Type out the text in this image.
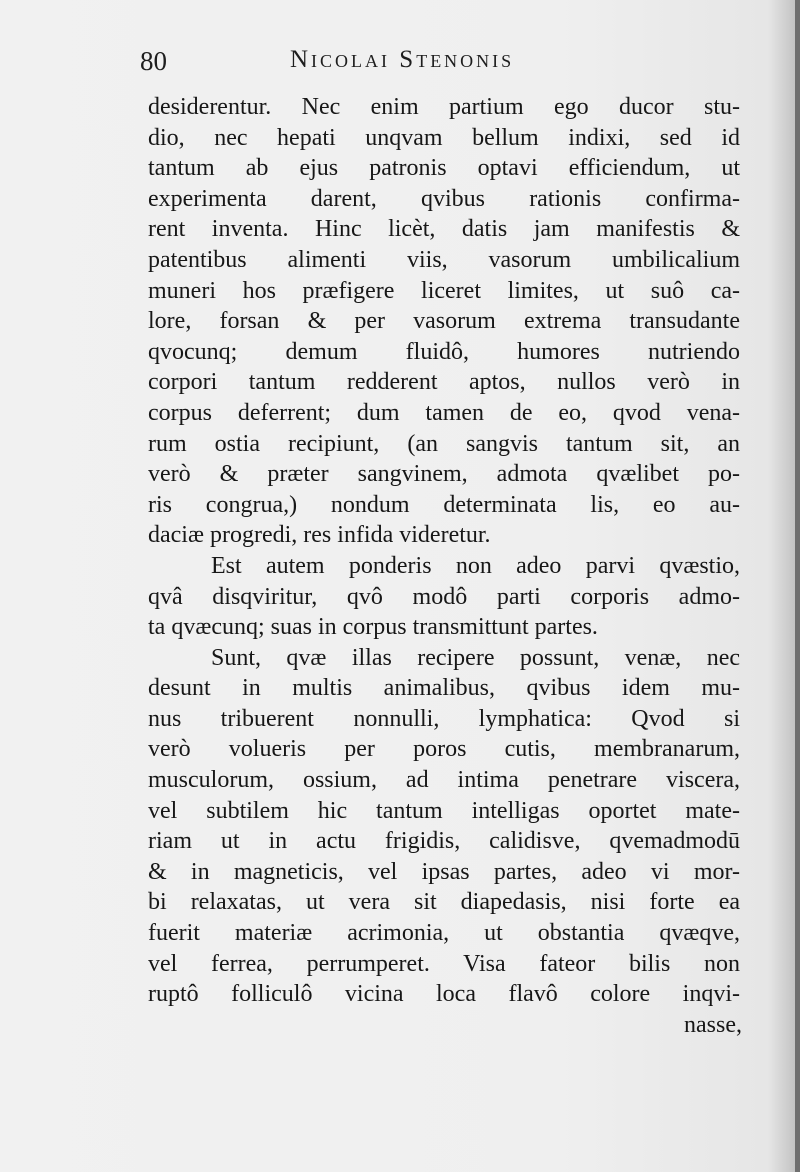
80	Nicolai Stenonis
desiderentur. Nec enim partium ego ducor stu-
dio, nec hepati unqvam bellum indixi, sed id
tantum ab ejus patronis optavi efficiendum, ut
experimenta darent, qvibus rationis confirma-
rent inventa. Hinc licèt, datis jam manifestis &
patentibus alimenti viis, vasorum umbilicalium
muneri hos præfigere liceret limites, ut suô ca-
lore, forsan & per vasorum extrema transudante
qvocunq; demum fluidô, humores nutriendo
corpori tantum redderent aptos, nullos verò in
corpus deferrent; dum tamen de eo, qvod vena-
rum ostia recipiunt, (an sangvis tantum sit, an
verò & præter sangvinem, admota qvælibet po-
ris congrua,) nondum determinata lis, eo au-
daciæ progredi, res infida videretur.
Est autem ponderis non adeo parvi qvæstio,
qvâ disqviritur, qvô modô parti corporis admo-
ta qvæcunq; suas in corpus transmittunt partes.
Sunt, qvæ illas recipere possunt, venæ, nec
desunt in multis animalibus, qvibus idem mu-
nus tribuerent nonnulli, lymphatica: Qvod si
verò volueris per poros cutis, membranarum,
musculorum, ossium, ad intima penetrare viscera,
vel subtilem hic tantum intelligas oportet mate-
riam ut in actu frigidis, calidisve, qvemadmodū
& in magneticis, vel ipsas partes, adeo vi mor-
bi relaxatas, ut vera sit diapedasis, nisi forte ea
fuerit materiæ acrimonia, ut obstantia qvæqve,
vel ferrea, perrumperet. Visa fateor bilis non
ruptô folliculô vicina loca flavô colore inqvi-
nasse,
